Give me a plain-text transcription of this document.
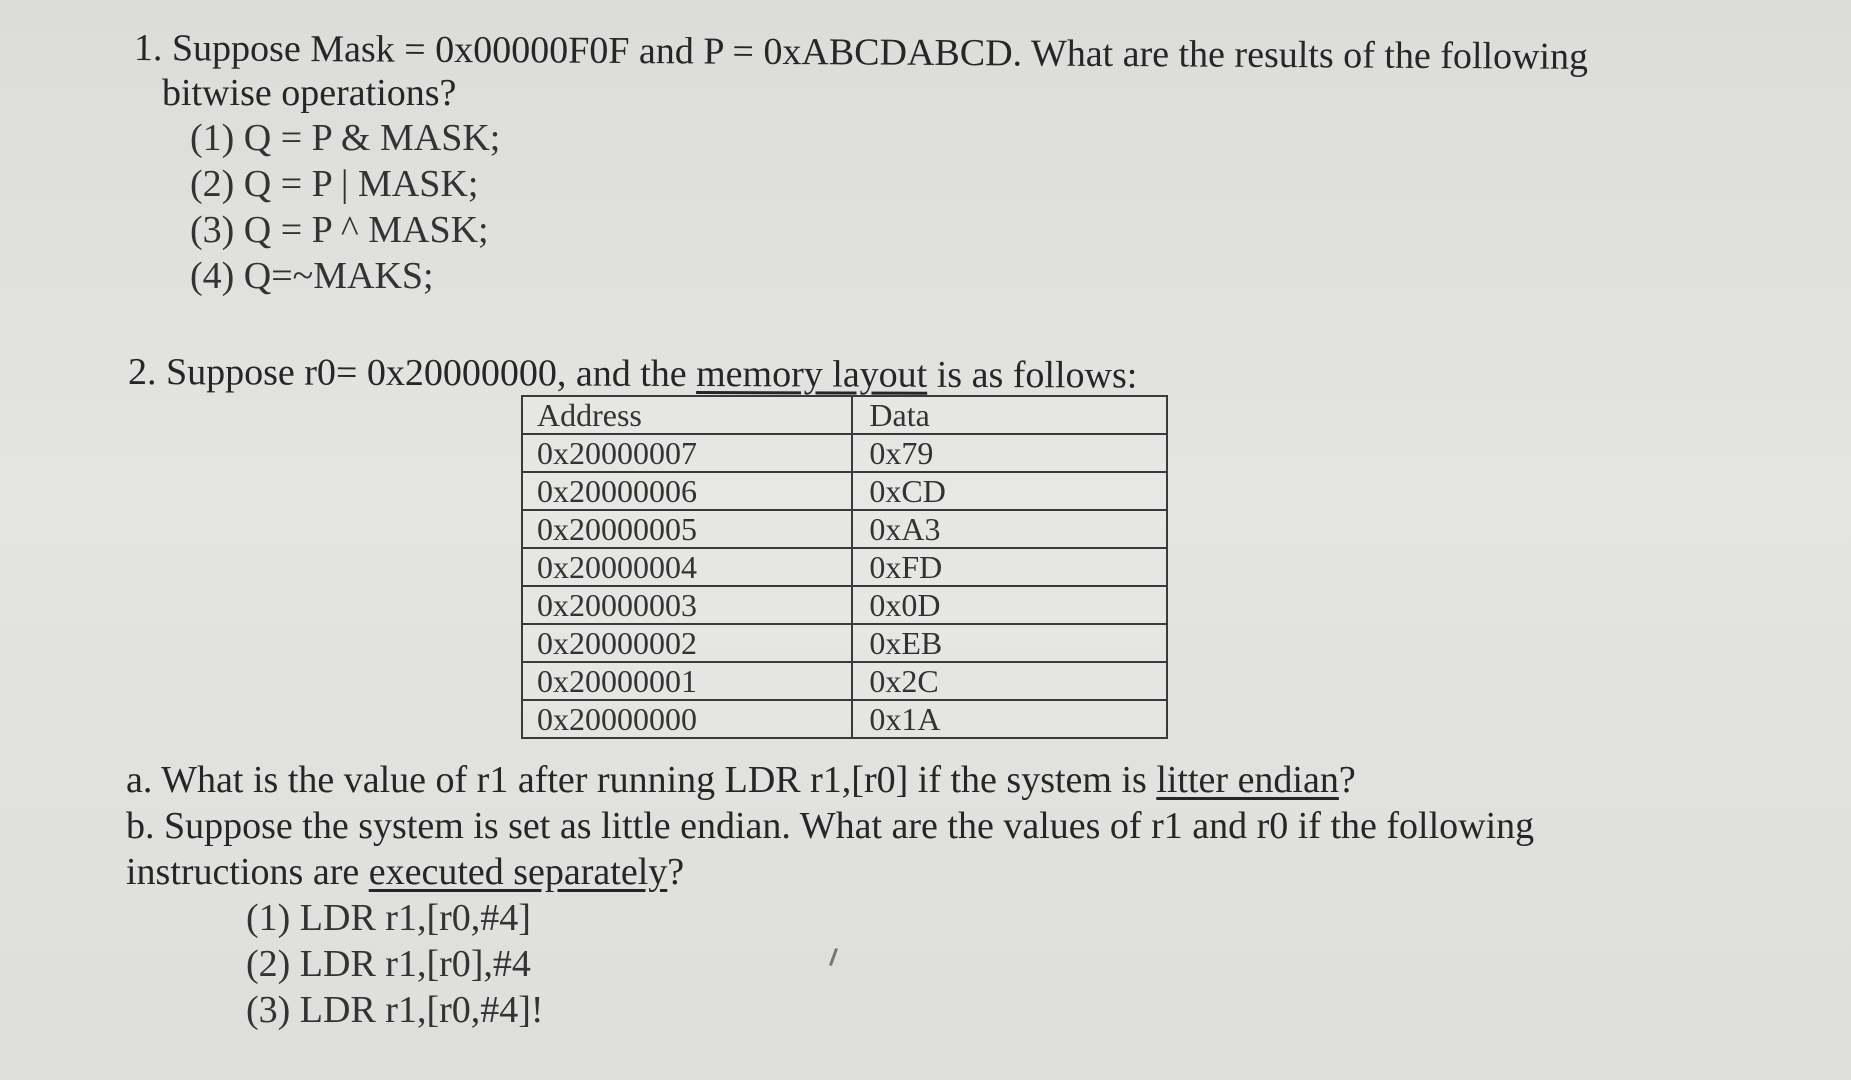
1. Suppose Mask = 0x00000F0F and P = 0xABCDABCD. What are the results of the following
bitwise operations?
(1) Q = P & MASK;
(2) Q = P | MASK;
(3) Q = P ^ MASK;
(4) Q=~MAKS;
2. Suppose r0= 0x20000000, and the memory layout is as follows:
Address	Data
0x20000007	0x79
0x20000006	0xCD
0x20000005	0xA3
0x20000004	0xFD
0x20000003	0x0D
0x20000002	0xEB
0x20000001	0x2C
0x20000000	0x1A
a. What is the value of r1 after running LDR r1,[r0] if the system is litter endian?
b. Suppose the system is set as little endian. What are the values of r1 and r0 if the following
instructions are executed separately?
(1) LDR r1,[r0,#4]
(2) LDR r1,[r0],#4
(3) LDR r1,[r0,#4]!
